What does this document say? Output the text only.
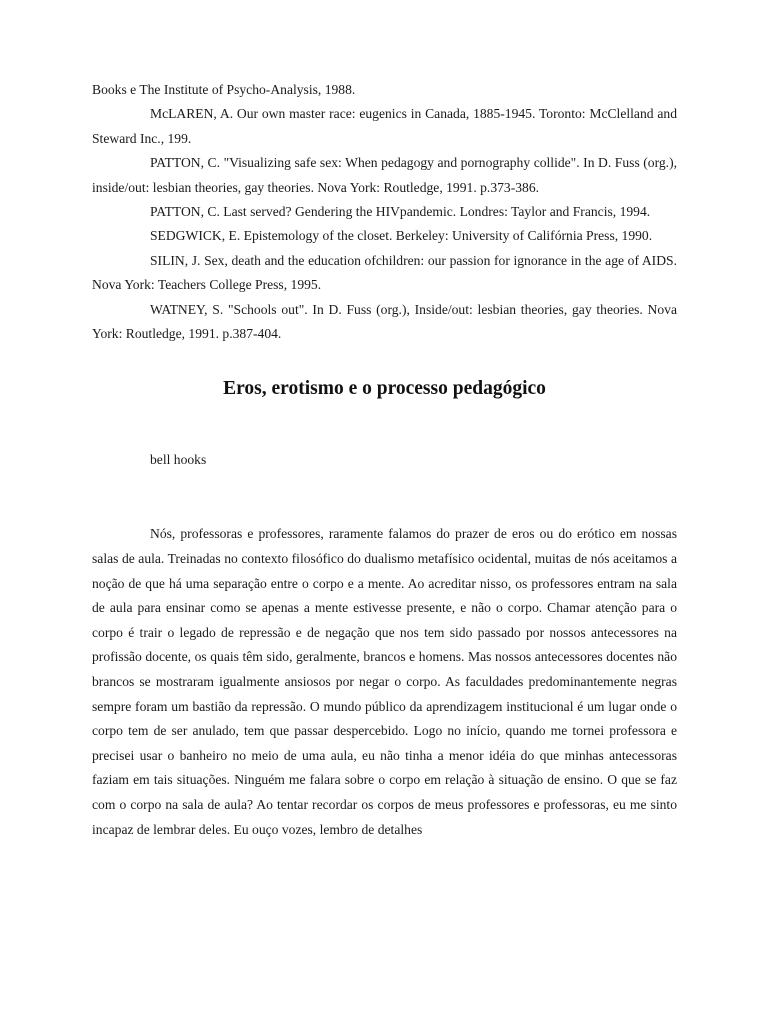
Books e The Institute of Psycho-Analysis, 1988.

McLAREN, A. Our own master race: eugenics in Canada, 1885-1945. Toronto: McClelland and Steward Inc., 199.

PATTON, C. "Visualizing safe sex: When pedagogy and pornography collide". In D. Fuss (org.), inside/out: lesbian theories, gay theories. Nova York: Routledge, 1991. p.373-386.

PATTON, C. Last served? Gendering the HIVpandemic. Londres: Taylor and Francis, 1994.

SEDGWICK, E. Epistemology of the closet. Berkeley: University of Califórnia Press, 1990.

SILIN, J. Sex, death and the education ofchildren: our passion for ignorance in the age of AIDS. Nova York: Teachers College Press, 1995.

WATNEY, S. "Schools out". In D. Fuss (org.), Inside/out: lesbian theories, gay theories. Nova York: Routledge, 1991. p.387-404.

Eros, erotismo e o processo pedagógico
bell hooks

Nós, professoras e professores, raramente falamos do prazer de eros ou do erótico em nossas salas de aula. Treinadas no contexto filosófico do dualismo metafísico ocidental, muitas de nós aceitamos a noção de que há uma separação entre o corpo e a mente. Ao acreditar nisso, os professores entram na sala de aula para ensinar como se apenas a mente estivesse presente, e não o corpo. Chamar atenção para o corpo é trair o legado de repressão e de negação que nos tem sido passado por nossos antecessores na profissão docente, os quais têm sido, geralmente, brancos e homens. Mas nossos antecessores docentes não brancos se mostraram igualmente ansiosos por negar o corpo. As faculdades predominantemente negras sempre foram um bastião da repressão. O mundo público da aprendizagem institucional é um lugar onde o corpo tem de ser anulado, tem que passar despercebido. Logo no início, quando me tornei professora e precisei usar o banheiro no meio de uma aula, eu não tinha a menor idéia do que minhas antecessoras faziam em tais situações. Ninguém me falara sobre o corpo em relação à situação de ensino. O que se faz com o corpo na sala de aula? Ao tentar recordar os corpos de meus professores e professoras, eu me sinto incapaz de lembrar deles. Eu ouço vozes, lembro de detalhes
